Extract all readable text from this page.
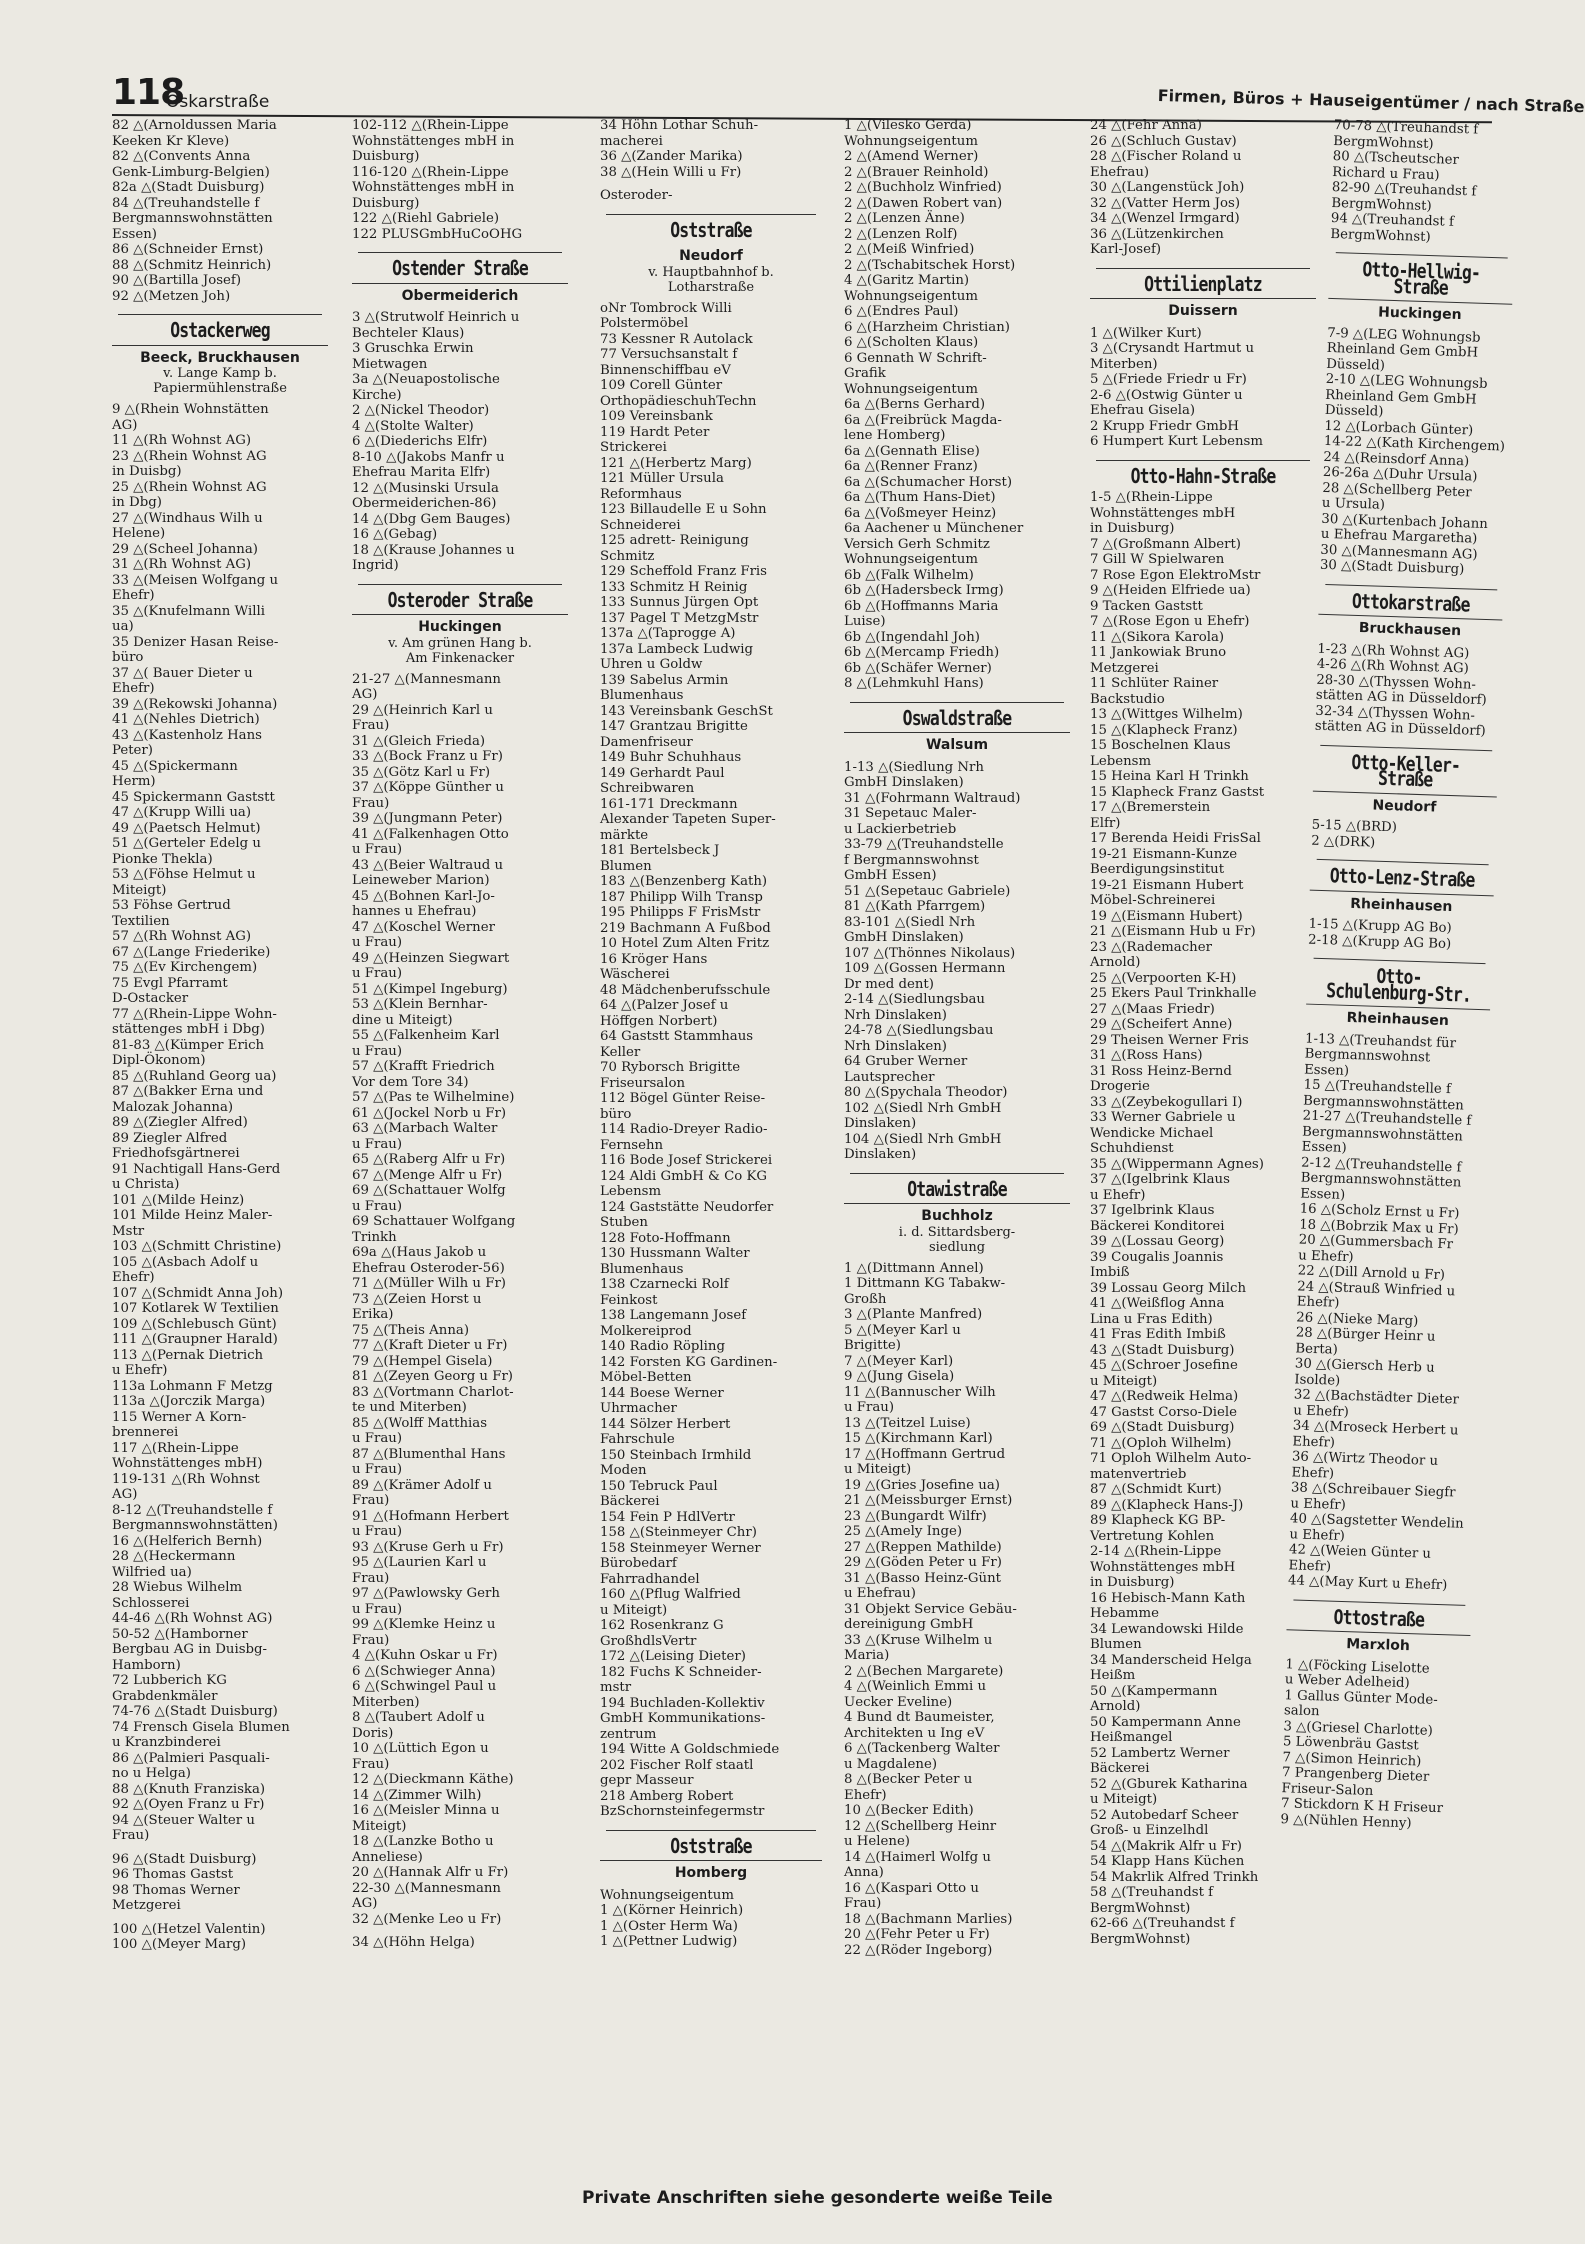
118
Oskarstraße	Firmen, Büros + Hauseigentümer / nach Straße
82 △(Arnoldussen Maria
Keeken Kr Kleve)
82 △(Convents Anna
Genk-Limburg-Belgien)
82a △(Stadt Duisburg)
84 △(Treuhandstelle f
Bergmannswohnstätten
Essen)
86 △(Schneider Ernst)
88 △(Schmitz Heinrich)
90 △(Bartilla Josef)
92 △(Metzen Joh)
Ostackerweg
Beeck, Bruckhausen
v. Lange Kamp b.
Papiermühlenstraße
9 △(Rhein Wohnstätten
AG)
11 △(Rh Wohnst AG)
23 △(Rhein Wohnst AG
in Duisbg)
25 △(Rhein Wohnst AG
in Dbg)
27 △(Windhaus Wilh u
Helene)
29 △(Scheel Johanna)
31 △(Rh Wohnst AG)
33 △(Meisen Wolfgang u
Ehefr)
35 △(Knufelmann Willi
ua)
35 Denizer Hasan Reise-
büro
37 △( Bauer Dieter u
Ehefr)
39 △(Rekowski Johanna)
41 △(Nehles Dietrich)
43 △(Kastenholz Hans
Peter)
45 △(Spickermann
Herm)
45 Spickermann Gaststt
47 △(Krupp Willi ua)
49 △(Paetsch Helmut)
51 △(Gerteler Edelg u
Pionke Thekla)
53 △(Föhse Helmut u
Miteigt)
53 Föhse Gertrud
Textilien
57 △(Rh Wohnst AG)
67 △(Lange Friederike)
75 △(Ev Kirchengem)
75 Evgl Pfarramt
D-Ostacker
77 △(Rhein-Lippe Wohn-
stättenges mbH i Dbg)
81-83 △(Kümper Erich
Dipl-Ökonom)
85 △(Ruhland Georg ua)
87 △(Bakker Erna und
Malozak Johanna)
89 △(Ziegler Alfred)
89 Ziegler Alfred
Friedhofsgärtnerei
91 Nachtigall Hans-Gerd
u Christa)
101 △(Milde Heinz)
101 Milde Heinz Maler-
Mstr
103 △(Schmitt Christine)
105 △(Asbach Adolf u
Ehefr)
107 △(Schmidt Anna Joh)
107 Kotlarek W Textilien
109 △(Schlebusch Günt)
111 △(Graupner Harald)
113 △(Pernak Dietrich
u Ehefr)
113a Lohmann F Metzg
113a △(Jorczik Marga)
115 Werner A Korn-
brennerei
117 △(Rhein-Lippe
Wohnstättenges mbH)
119-131 △(Rh Wohnst
AG)
8-12 △(Treuhandstelle f
Bergmannswohnstätten)
16 △(Helferich Bernh)
28 △(Heckermann
Wilfried ua)
28 Wiebus Wilhelm
Schlosserei
44-46 △(Rh Wohnst AG)
50-52 △(Hamborner
Bergbau AG in Duisbg-
Hamborn)
72 Lubberich KG
Grabdenkmäler
74-76 △(Stadt Duisburg)
74 Frensch Gisela Blumen
u Kranzbinderei
86 △(Palmieri Pasquali-
no u Helga)
88 △(Knuth Franziska)
92 △(Oyen Franz u Fr)
94 △(Steuer Walter u
Frau)
96 △(Stadt Duisburg)
96 Thomas Gastst
98 Thomas Werner
Metzgerei
100 △(Hetzel Valentin)
100 △(Meyer Marg)
102-112 △(Rhein-Lippe
Wohnstättenges mbH in
Duisburg)
116-120 △(Rhein-Lippe
Wohnstättenges mbH in
Duisburg)
122 △(Riehl Gabriele)
122 PLUSGmbHuCoOHG
Ostender Straße
Obermeiderich
3 △(Strutwolf Heinrich u
Bechteler Klaus)
3 Gruschka Erwin
Mietwagen
3a △(Neuapostolische
Kirche)
2 △(Nickel Theodor)
4 △(Stolte Walter)
6 △(Diederichs Elfr)
8-10 △(Jakobs Manfr u
Ehefrau Marita Elfr)
12 △(Musinski Ursula
Obermeiderichen-86)
14 △(Dbg Gem Bauges)
16 △(Gebag)
18 △(Krause Johannes u
Ingrid)
Osteroder Straße
Huckingen
v. Am grünen Hang b.
Am Finkenacker
21-27 △(Mannesmann
AG)
29 △(Heinrich Karl u
Frau)
31 △(Gleich Frieda)
33 △(Bock Franz u Fr)
35 △(Götz Karl u Fr)
37 △(Köppe Günther u
Frau)
39 △(Jungmann Peter)
41 △(Falkenhagen Otto
u Frau)
43 △(Beier Waltraud u
Leineweber Marion)
45 △(Bohnen Karl-Jo-
hannes u Ehefrau)
47 △(Koschel Werner
u Frau)
49 △(Heinzen Siegwart
u Frau)
51 △(Kimpel Ingeburg)
53 △(Klein Bernhar-
dine u Miteigt)
55 △(Falkenheim Karl
u Frau)
57 △(Krafft Friedrich
Vor dem Tore 34)
57 △(Pas te Wilhelmine)
61 △(Jockel Norb u Fr)
63 △(Marbach Walter
u Frau)
65 △(Raberg Alfr u Fr)
67 △(Menge Alfr u Fr)
69 △(Schattauer Wolfg
u Frau)
69 Schattauer Wolfgang
Trinkh
69a △(Haus Jakob u
Ehefrau Osteroder-56)
71 △(Müller Wilh u Fr)
73 △(Zeien Horst u
Erika)
75 △(Theis Anna)
77 △(Kraft Dieter u Fr)
79 △(Hempel Gisela)
81 △(Zeyen Georg u Fr)
83 △(Vortmann Charlot-
te und Miterben)
85 △(Wolff Matthias
u Frau)
87 △(Blumenthal Hans
u Frau)
89 △(Krämer Adolf u
Frau)
91 △(Hofmann Herbert
u Frau)
93 △(Kruse Gerh u Fr)
95 △(Laurien Karl u
Frau)
97 △(Pawlowsky Gerh
u Frau)
99 △(Klemke Heinz u
Frau)
4 △(Kuhn Oskar u Fr)
6 △(Schwieger Anna)
6 △(Schwingel Paul u
Miterben)
8 △(Taubert Adolf u
Doris)
10 △(Lüttich Egon u
Frau)
12 △(Dieckmann Käthe)
14 △(Zimmer Wilh)
16 △(Meisler Minna u
Miteigt)
18 △(Lanzke Botho u
Anneliese)
20 △(Hannak Alfr u Fr)
22-30 △(Mannesmann
AG)
32 △(Menke Leo u Fr)
34 △(Höhn Helga)
34 Höhn Lothar Schuh-
macherei
36 △(Zander Marika)
38 △(Hein Willi u Fr)
Osteroder-
Oststraße
Neudorf
v. Hauptbahnhof b.
Lotharstraße
oNr Tombrock Willi
Polstermöbel
73 Kessner R Autolack
77 Versuchsanstalt f
Binnenschiffbau eV
109 Corell Günter
OrthopädieschuhTechn
109 Vereinsbank
119 Hardt Peter
Strickerei
121 △(Herbertz Marg)
121 Müller Ursula
Reformhaus
123 Billaudelle E u Sohn
Schneiderei
125 adrett- Reinigung
Schmitz
129 Scheffold Franz Fris
133 Schmitz H Reinig
133 Sunnus Jürgen Opt
137 Pagel T MetzgMstr
137a △(Taprogge A)
137a Lambeck Ludwig
Uhren u Goldw
139 Sabelus Armin
Blumenhaus
143 Vereinsbank GeschSt
147 Grantzau Brigitte
Damenfriseur
149 Buhr Schuhhaus
149 Gerhardt Paul
Schreibwaren
161-171 Dreckmann
Alexander Tapeten Super-
märkte
181 Bertelsbeck J
Blumen
183 △(Benzenberg Kath)
187 Philipp Wilh Transp
195 Philipps F FrisMstr
219 Bachmann A Fußbod
10 Hotel Zum Alten Fritz
16 Kröger Hans
Wäscherei
48 Mädchenberufsschule
64 △(Palzer Josef u
Höffgen Norbert)
64 Gaststt Stammhaus
Keller
70 Ryborsch Brigitte
Friseursalon
112 Bögel Günter Reise-
büro
114 Radio-Dreyer Radio-
Fernsehn
116 Bode Josef Strickerei
124 Aldi GmbH & Co KG
Lebensm
124 Gaststätte Neudorfer
Stuben
128 Foto-Hoffmann
130 Hussmann Walter
Blumenhaus
138 Czarnecki Rolf
Feinkost
138 Langemann Josef
Molkereiprod
140 Radio Röpling
142 Forsten KG Gardinen-
Möbel-Betten
144 Boese Werner
Uhrmacher
144 Sölzer Herbert
Fahrschule
150 Steinbach Irmhild
Moden
150 Tebruck Paul
Bäckerei
154 Fein P HdlVertr
158 △(Steinmeyer Chr)
158 Steinmeyer Werner
Bürobedarf
Fahrradhandel
160 △(Pflug Walfried
u Miteigt)
162 Rosenkranz G
GroßhdlsVertr
172 △(Leising Dieter)
182 Fuchs K Schneider-
mstr
194 Buchladen-Kollektiv
GmbH Kommunikations-
zentrum
194 Witte A Goldschmiede
202 Fischer Rolf staatl
gepr Masseur
218 Amberg Robert
BzSchornsteinfegermstr
Oststraße
Homberg
Wohnungseigentum
1 △(Körner Heinrich)
1 △(Oster Herm Wa)
1 △(Pettner Ludwig)
1 △(Vilesko Gerda)
Wohnungseigentum
2 △(Amend Werner)
2 △(Brauer Reinhold)
2 △(Buchholz Winfried)
2 △(Dawen Robert van)
2 △(Lenzen Änne)
2 △(Lenzen Rolf)
2 △(Meiß Winfried)
2 △(Tschabitschek Horst)
4 △(Garitz Martin)
Wohnungseigentum
6 △(Endres Paul)
6 △(Harzheim Christian)
6 △(Scholten Klaus)
6 Gennath W Schrift-
Grafik
Wohnungseigentum
6a △(Berns Gerhard)
6a △(Freibrück Magda-
lene Homberg)
6a △(Gennath Elise)
6a △(Renner Franz)
6a △(Schumacher Horst)
6a △(Thum Hans-Diet)
6a △(Voßmeyer Heinz)
6a Aachener u Münchener
Versich Gerh Schmitz
Wohnungseigentum
6b △(Falk Wilhelm)
6b △(Hadersbeck Irmg)
6b △(Hoffmanns Maria
Luise)
6b △(Ingendahl Joh)
6b △(Mercamp Friedh)
6b △(Schäfer Werner)
8 △(Lehmkuhl Hans)
Oswaldstraße
Walsum
1-13 △(Siedlung Nrh
GmbH Dinslaken)
31 △(Fohrmann Waltraud)
31 Sepetauc Maler-
u Lackierbetrieb
33-79 △(Treuhandstelle
f Bergmannswohnst
GmbH Essen)
51 △(Sepetauc Gabriele)
81 △(Kath Pfarrgem)
83-101 △(Siedl Nrh
GmbH Dinslaken)
107 △(Thönnes Nikolaus)
109 △(Gossen Hermann
Dr med dent)
2-14 △(Siedlungsbau
Nrh Dinslaken)
24-78 △(Siedlungsbau
Nrh Dinslaken)
64 Gruber Werner
Lautsprecher
80 △(Spychala Theodor)
102 △(Siedl Nrh GmbH
Dinslaken)
104 △(Siedl Nrh GmbH
Dinslaken)
Otawistraße
Buchholz
i. d. Sittardsberg-
siedlung
1 △(Dittmann Annel)
1 Dittmann KG Tabakw-
Großh
3 △(Plante Manfred)
5 △(Meyer Karl u
Brigitte)
7 △(Meyer Karl)
9 △(Jung Gisela)
11 △(Bannuscher Wilh
u Frau)
13 △(Teitzel Luise)
15 △(Kirchmann Karl)
17 △(Hoffmann Gertrud
u Miteigt)
19 △(Gries Josefine ua)
21 △(Meissburger Ernst)
23 △(Bungardt Wilfr)
25 △(Amely Inge)
27 △(Reppen Mathilde)
29 △(Göden Peter u Fr)
31 △(Basso Heinz-Günt
u Ehefrau)
31 Objekt Service Gebäu-
dereinigung GmbH
33 △(Kruse Wilhelm u
Maria)
2 △(Bechen Margarete)
4 △(Weinlich Emmi u
Uecker Eveline)
4 Bund dt Baumeister,
Architekten u Ing eV
6 △(Tackenberg Walter
u Magdalene)
8 △(Becker Peter u
Ehefr)
10 △(Becker Edith)
12 △(Schellberg Heinr
u Helene)
14 △(Haimerl Wolfg u
Anna)
16 △(Kaspari Otto u
Frau)
18 △(Bachmann Marlies)
20 △(Fehr Peter u Fr)
22 △(Röder Ingeborg)
24 △(Fehr Anna)
26 △(Schluch Gustav)
28 △(Fischer Roland u
Ehefrau)
30 △(Langenstück Joh)
32 △(Vatter Herm Jos)
34 △(Wenzel Irmgard)
36 △(Lützenkirchen
Karl-Josef)
Ottilienplatz
Duissern
1 △(Wilker Kurt)
3 △(Crysandt Hartmut u
Miterben)
5 △(Friede Friedr u Fr)
2-6 △(Ostwig Günter u
Ehefrau Gisela)
2 Krupp Friedr GmbH
6 Humpert Kurt Lebensm
Otto-Hahn-Straße
1-5 △(Rhein-Lippe
Wohnstättenges mbH
in Duisburg)
7 △(Großmann Albert)
7 Gill W Spielwaren
7 Rose Egon ElektroMstr
9 △(Heiden Elfriede ua)
9 Tacken Gaststt
7 △(Rose Egon u Ehefr)
11 △(Sikora Karola)
11 Jankowiak Bruno
Metzgerei
11 Schlüter Rainer
Backstudio
13 △(Wittges Wilhelm)
15 △(Klapheck Franz)
15 Boschelnen Klaus
Lebensm
15 Heina Karl H Trinkh
15 Klapheck Franz Gastst
17 △(Bremerstein
Elfr)
17 Berenda Heidi FrisSal
19-21 Eismann-Kunze
Beerdigungsinstitut
19-21 Eismann Hubert
Möbel-Schreinerei
19 △(Eismann Hubert)
21 △(Eismann Hub u Fr)
23 △(Rademacher
Arnold)
25 △(Verpoorten K-H)
25 Ekers Paul Trinkhalle
27 △(Maas Friedr)
29 △(Scheifert Anne)
29 Theisen Werner Fris
31 △(Ross Hans)
31 Ross Heinz-Bernd
Drogerie
33 △(Zeybekogullari I)
33 Werner Gabriele u
Wendicke Michael
Schuhdienst
35 △(Wippermann Agnes)
37 △(Igelbrink Klaus
u Ehefr)
37 Igelbrink Klaus
Bäckerei Konditorei
39 △(Lossau Georg)
39 Cougalis Joannis
Imbiß
39 Lossau Georg Milch
41 △(Weißflog Anna
Lina u Fras Edith)
41 Fras Edith Imbiß
43 △(Stadt Duisburg)
45 △(Schroer Josefine
u Miteigt)
47 △(Redweik Helma)
47 Gastst Corso-Diele
69 △(Stadt Duisburg)
71 △(Oploh Wilhelm)
71 Oploh Wilhelm Auto-
matenvertrieb
87 △(Schmidt Kurt)
89 △(Klapheck Hans-J)
89 Klapheck KG BP-
Vertretung Kohlen
2-14 △(Rhein-Lippe
Wohnstättenges mbH
in Duisburg)
16 Hebisch-Mann Kath
Hebamme
34 Lewandowski Hilde
Blumen
34 Manderscheid Helga
Heißm
50 △(Kampermann
Arnold)
50 Kampermann Anne
Heißmangel
52 Lambertz Werner
Bäckerei
52 △(Gburek Katharina
u Miteigt)
52 Autobedarf Scheer
Groß- u Einzelhdl
54 △(Makrik Alfr u Fr)
54 Klapp Hans Küchen
54 Makrlik Alfred Trinkh
58 △(Treuhandst f
BergmWohnst)
62-66 △(Treuhandst f
BergmWohnst)
70-78 △(Treuhandst f
BergmWohnst)
80 △(Tscheutscher
Richard u Frau)
82-90 △(Treuhandst f
BergmWohnst)
94 △(Treuhandst f
BergmWohnst)
Otto-Hellwig-Straße
Huckingen
7-9 △(LEG Wohnungsb
Rheinland Gem GmbH
Düsseld)
2-10 △(LEG Wohnungsb
Rheinland Gem GmbH
Düsseld)
12 △(Lorbach Günter)
14-22 △(Kath Kirchengem)
24 △(Reinsdorf Anna)
26-26a △(Duhr Ursula)
28 △(Schellberg Peter
u Ursula)
30 △(Kurtenbach Johann
u Ehefrau Margaretha)
30 △(Mannesmann AG)
30 △(Stadt Duisburg)
Ottokarstraße
Bruckhausen
1-23 △(Rh Wohnst AG)
4-26 △(Rh Wohnst AG)
28-30 △(Thyssen Wohn-
stätten AG in Düsseldorf)
32-34 △(Thyssen Wohn-
stätten AG in Düsseldorf)
Otto-Keller-Straße
Neudorf
5-15 △(BRD)
2 △(DRK)
Otto-Lenz-Straße
Rheinhausen
1-15 △(Krupp AG Bo)
2-18 △(Krupp AG Bo)
Otto-Schulenburg-Str.
Rheinhausen
1-13 △(Treuhandst für
Bergmannswohnst
Essen)
15 △(Treuhandstelle f
Bergmannswohnstätten
21-27 △(Treuhandstelle f
Bergmannswohnstätten
Essen)
2-12 △(Treuhandstelle f
Bergmannswohnstätten
Essen)
16 △(Scholz Ernst u Fr)
18 △(Bobrzik Max u Fr)
20 △(Gummersbach Fr
u Ehefr)
22 △(Dill Arnold u Fr)
24 △(Strauß Winfried u
Ehefr)
26 △(Nieke Marg)
28 △(Bürger Heinr u
Berta)
30 △(Giersch Herb u
Isolde)
32 △(Bachstädter Dieter
u Ehefr)
34 △(Mroseck Herbert u
Ehefr)
36 △(Wirtz Theodor u
Ehefr)
38 △(Schreibauer Siegfr
u Ehefr)
40 △(Sagstetter Wendelin
u Ehefr)
42 △(Weien Günter u
Ehefr)
44 △(May Kurt u Ehefr)
Ottostraße
Marxloh
1 △(Föcking Liselotte
u Weber Adelheid)
1 Gallus Günter Mode-
salon
3 △(Griesel Charlotte)
5 Löwenbräu Gastst
7 △(Simon Heinrich)
7 Prangenberg Dieter
Friseur-Salon
7 Stickdorn K H Friseur
9 △(Nühlen Henny)
Private Anschriften siehe gesonderte weiße Teile
